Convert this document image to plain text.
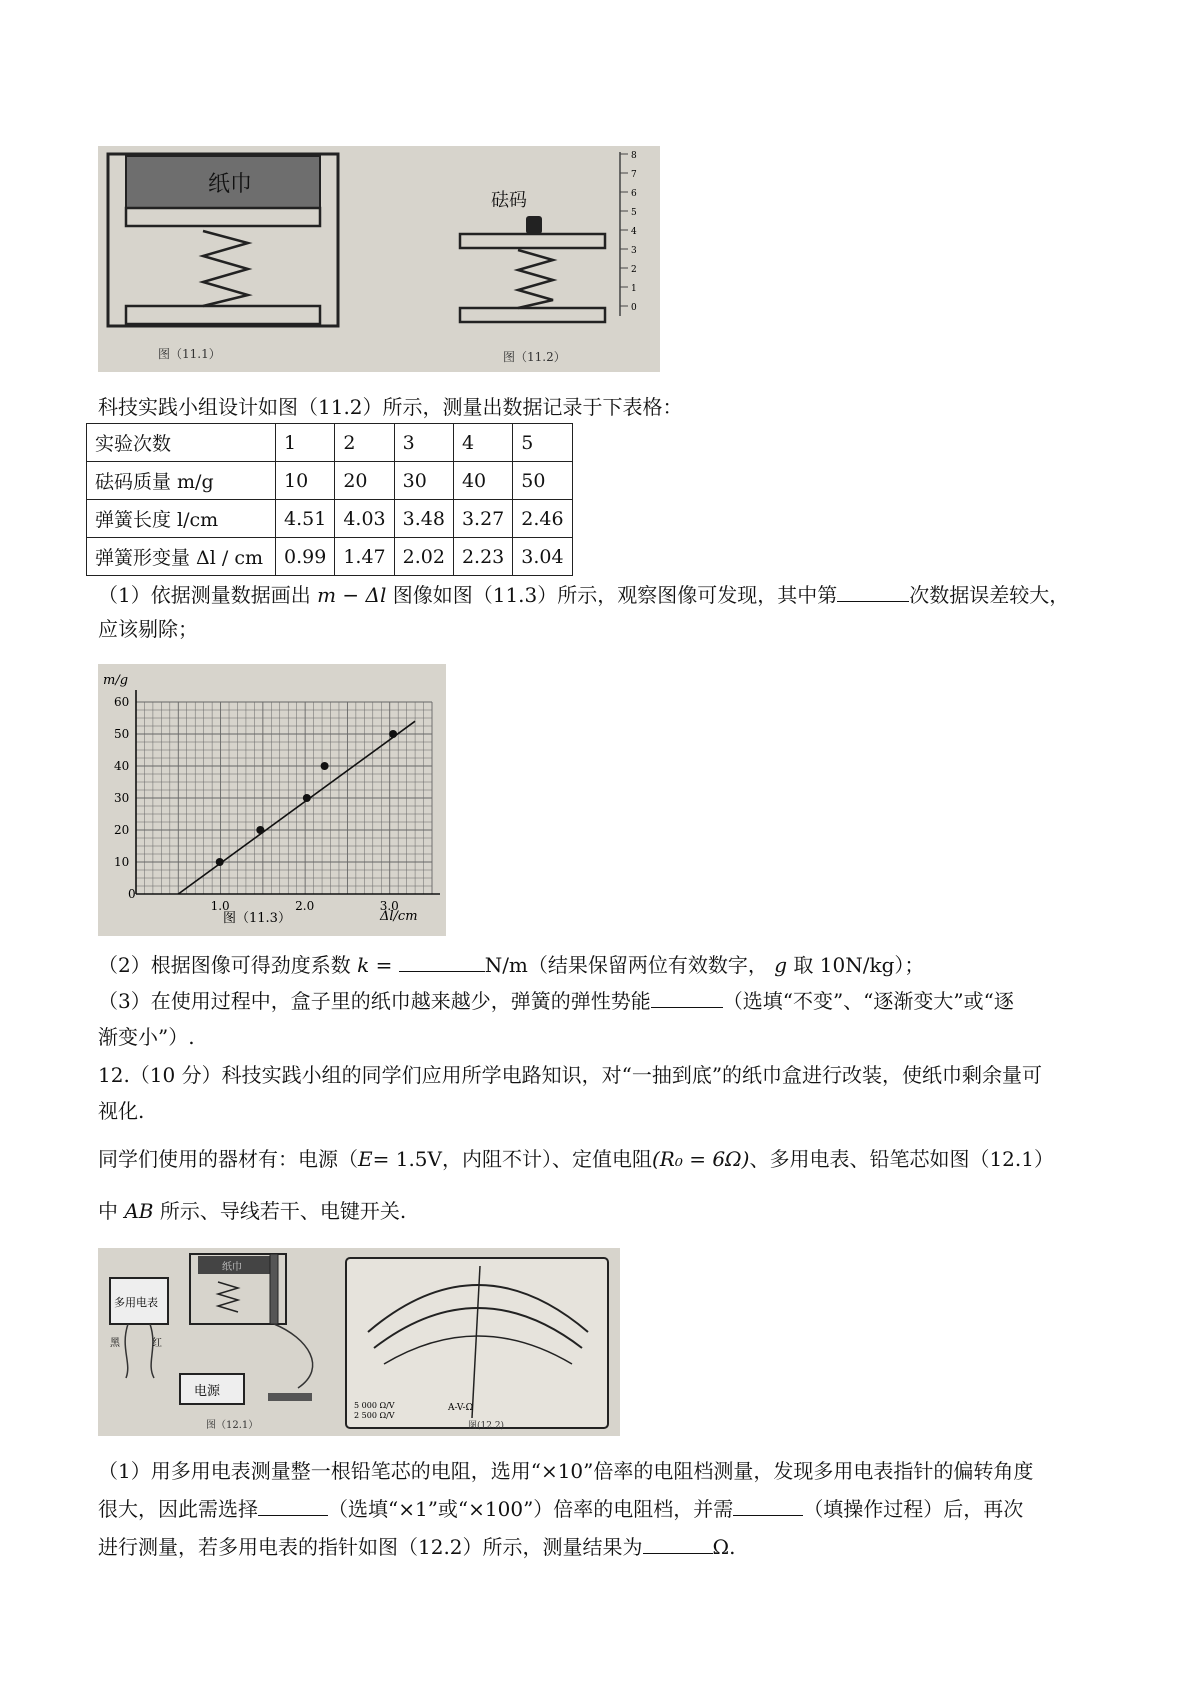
纸巾
图（11.1）
砝码
0
1
2
3
4
5
6
7
8
图（11.2）
科技实践小组设计如图（11.2）所示，测量出数据记录于下表格：
实验次数	1	2	3	4	5
砝码质量 m/g	10	20	30	40	50
弹簧长度 l/cm	4.51	4.03	3.48	3.27	2.46
弹簧形变量 Δl / cm	0.99	1.47	2.02	2.23	3.04
（1）依据测量数据画出 m − Δl 图像如图（11.3）所示，观察图像可发现，其中第	次数据误差较大，
应该剔除；
1.0	2.0	3.0
10
20
30
40
50
60
m/g
Δl/cm
0
图（11.3）
（2）根据图像可得劲度系数 k =	N/m（结果保留两位有效数字， g 取 10N/kg）；
（3）在使用过程中，盒子里的纸巾越来越少，弹簧的弹性势能	（选填“不变”、“逐渐变大”或“逐
渐变小”）.
12.（10 分）科技实践小组的同学们应用所学电路知识，对“一抽到底”的纸巾盒进行改装，使纸巾剩余量可
视化.
同学们使用的器材有：电源（E= 1.5V，内阻不计）、定值电阻(R₀ = 6Ω)、多用电表、铅笔芯如图（12.1）
中 AB 所示、导线若干、电键开关.
多用电表
黑	红
纸巾
电源
图（12.1）
5 000 Ω/V
2 500 Ω/V
A-V-Ω
图(12.2)
（1）用多用电表测量整一根铅笔芯的电阻，选用“×10”倍率的电阻档测量，发现多用电表指针的偏转角度
很大，因此需选择	（选填“×1”或“×100”）倍率的电阻档，并需	（填操作过程）后，再次
进行测量，若多用电表的指针如图（12.2）所示，测量结果为	Ω.
